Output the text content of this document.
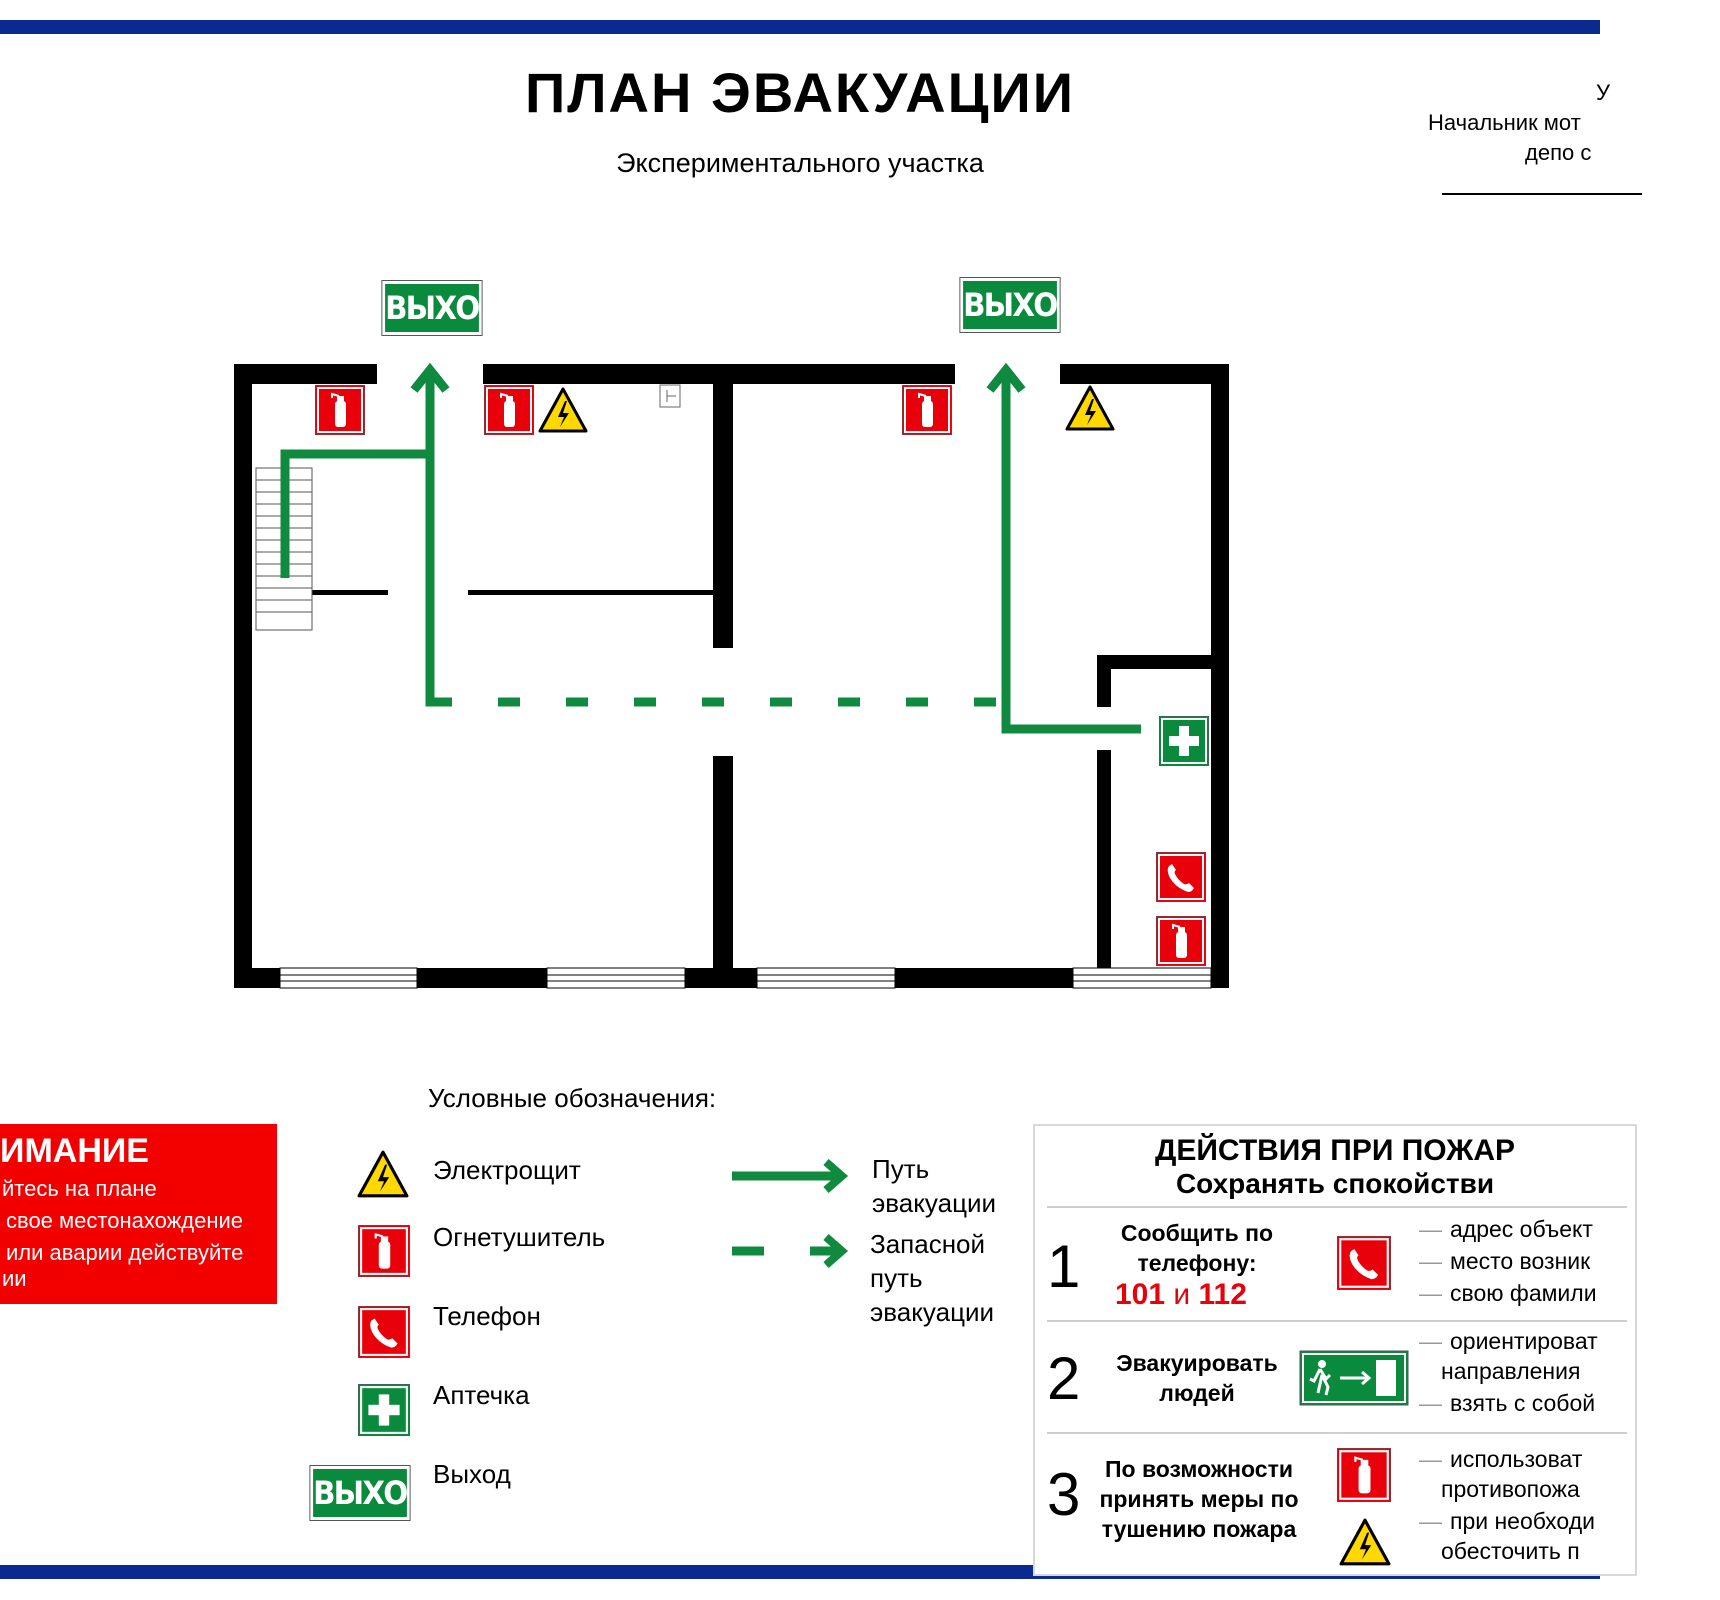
ПЛАН ЭВАКУАЦИИ
Экспериментального участка
У
Начальник мот
депо с
ВЫХОД	ВЫХОД
Условные обозначения:
Электрощит
Огнетушитель
Телефон
Аптечка
ВЫХОД Выход
Путь
эвакуации
Запасной
путь
эвакуации
ИМАНИЕ
йтесь на плане
свое местонахождение
или аварии действуйте
ии
ДЕЙСТВИЯ ПРИ ПОЖАР
Сохранять спокойстви
1	Сообщить по
телефону:
101 и 112
— адрес объект
— место возник
— свою фамили
2	Эвакуировать
людей
— ориентироват
направления
— взять с собой
3	По возможности
принять меры по
тушению пожара
— использоват
противопожа
— при необходи
обесточить п
